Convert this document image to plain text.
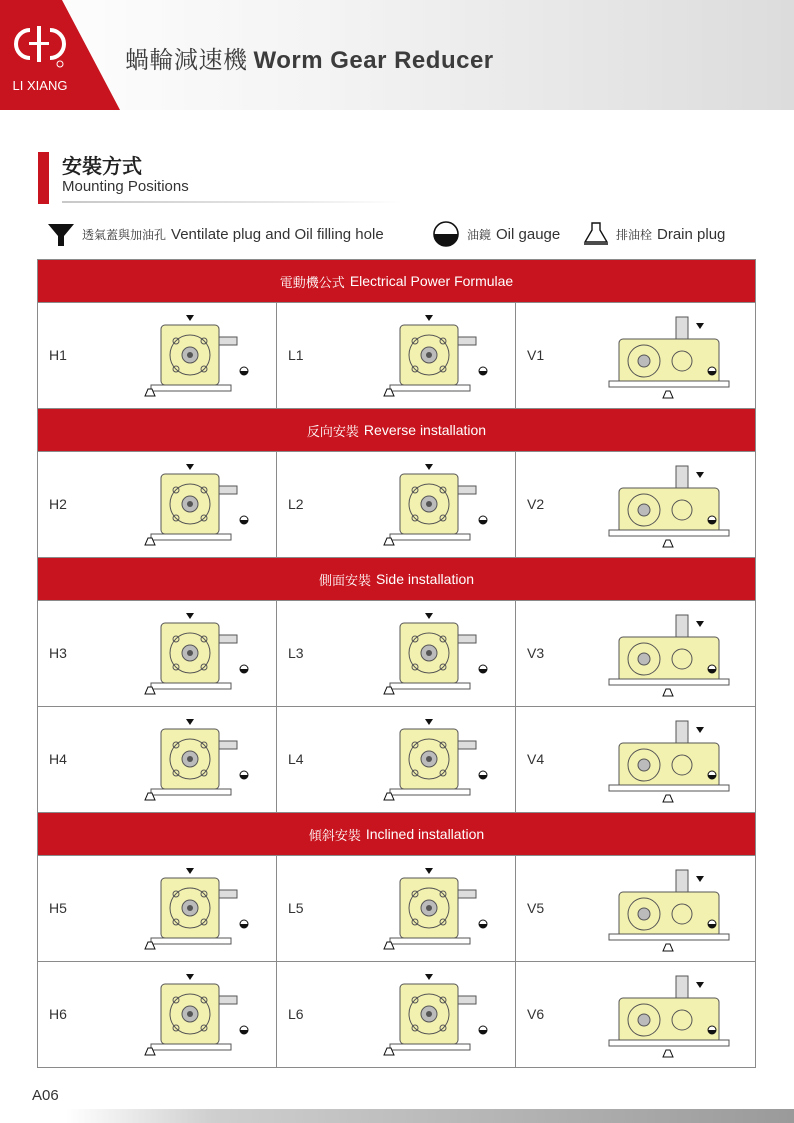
LI XIANG
蝸輪減速機 Worm Gear Reducer
安裝方式
Mounting Positions
透氣蓋與加油孔 Ventilate plug and Oil filling hole	油鏡 Oil gauge	排油栓 Drain plug
電動機公式 Electrical Power Formulae
H1	L1	V1
反向安裝 Reverse installation
H2	L2	V2
側面安裝 Side installation
H3	L3	V3
H4	L4	V4
傾斜安裝 Inclined installation
H5	L5	V5
H6	L6	V6
A06
